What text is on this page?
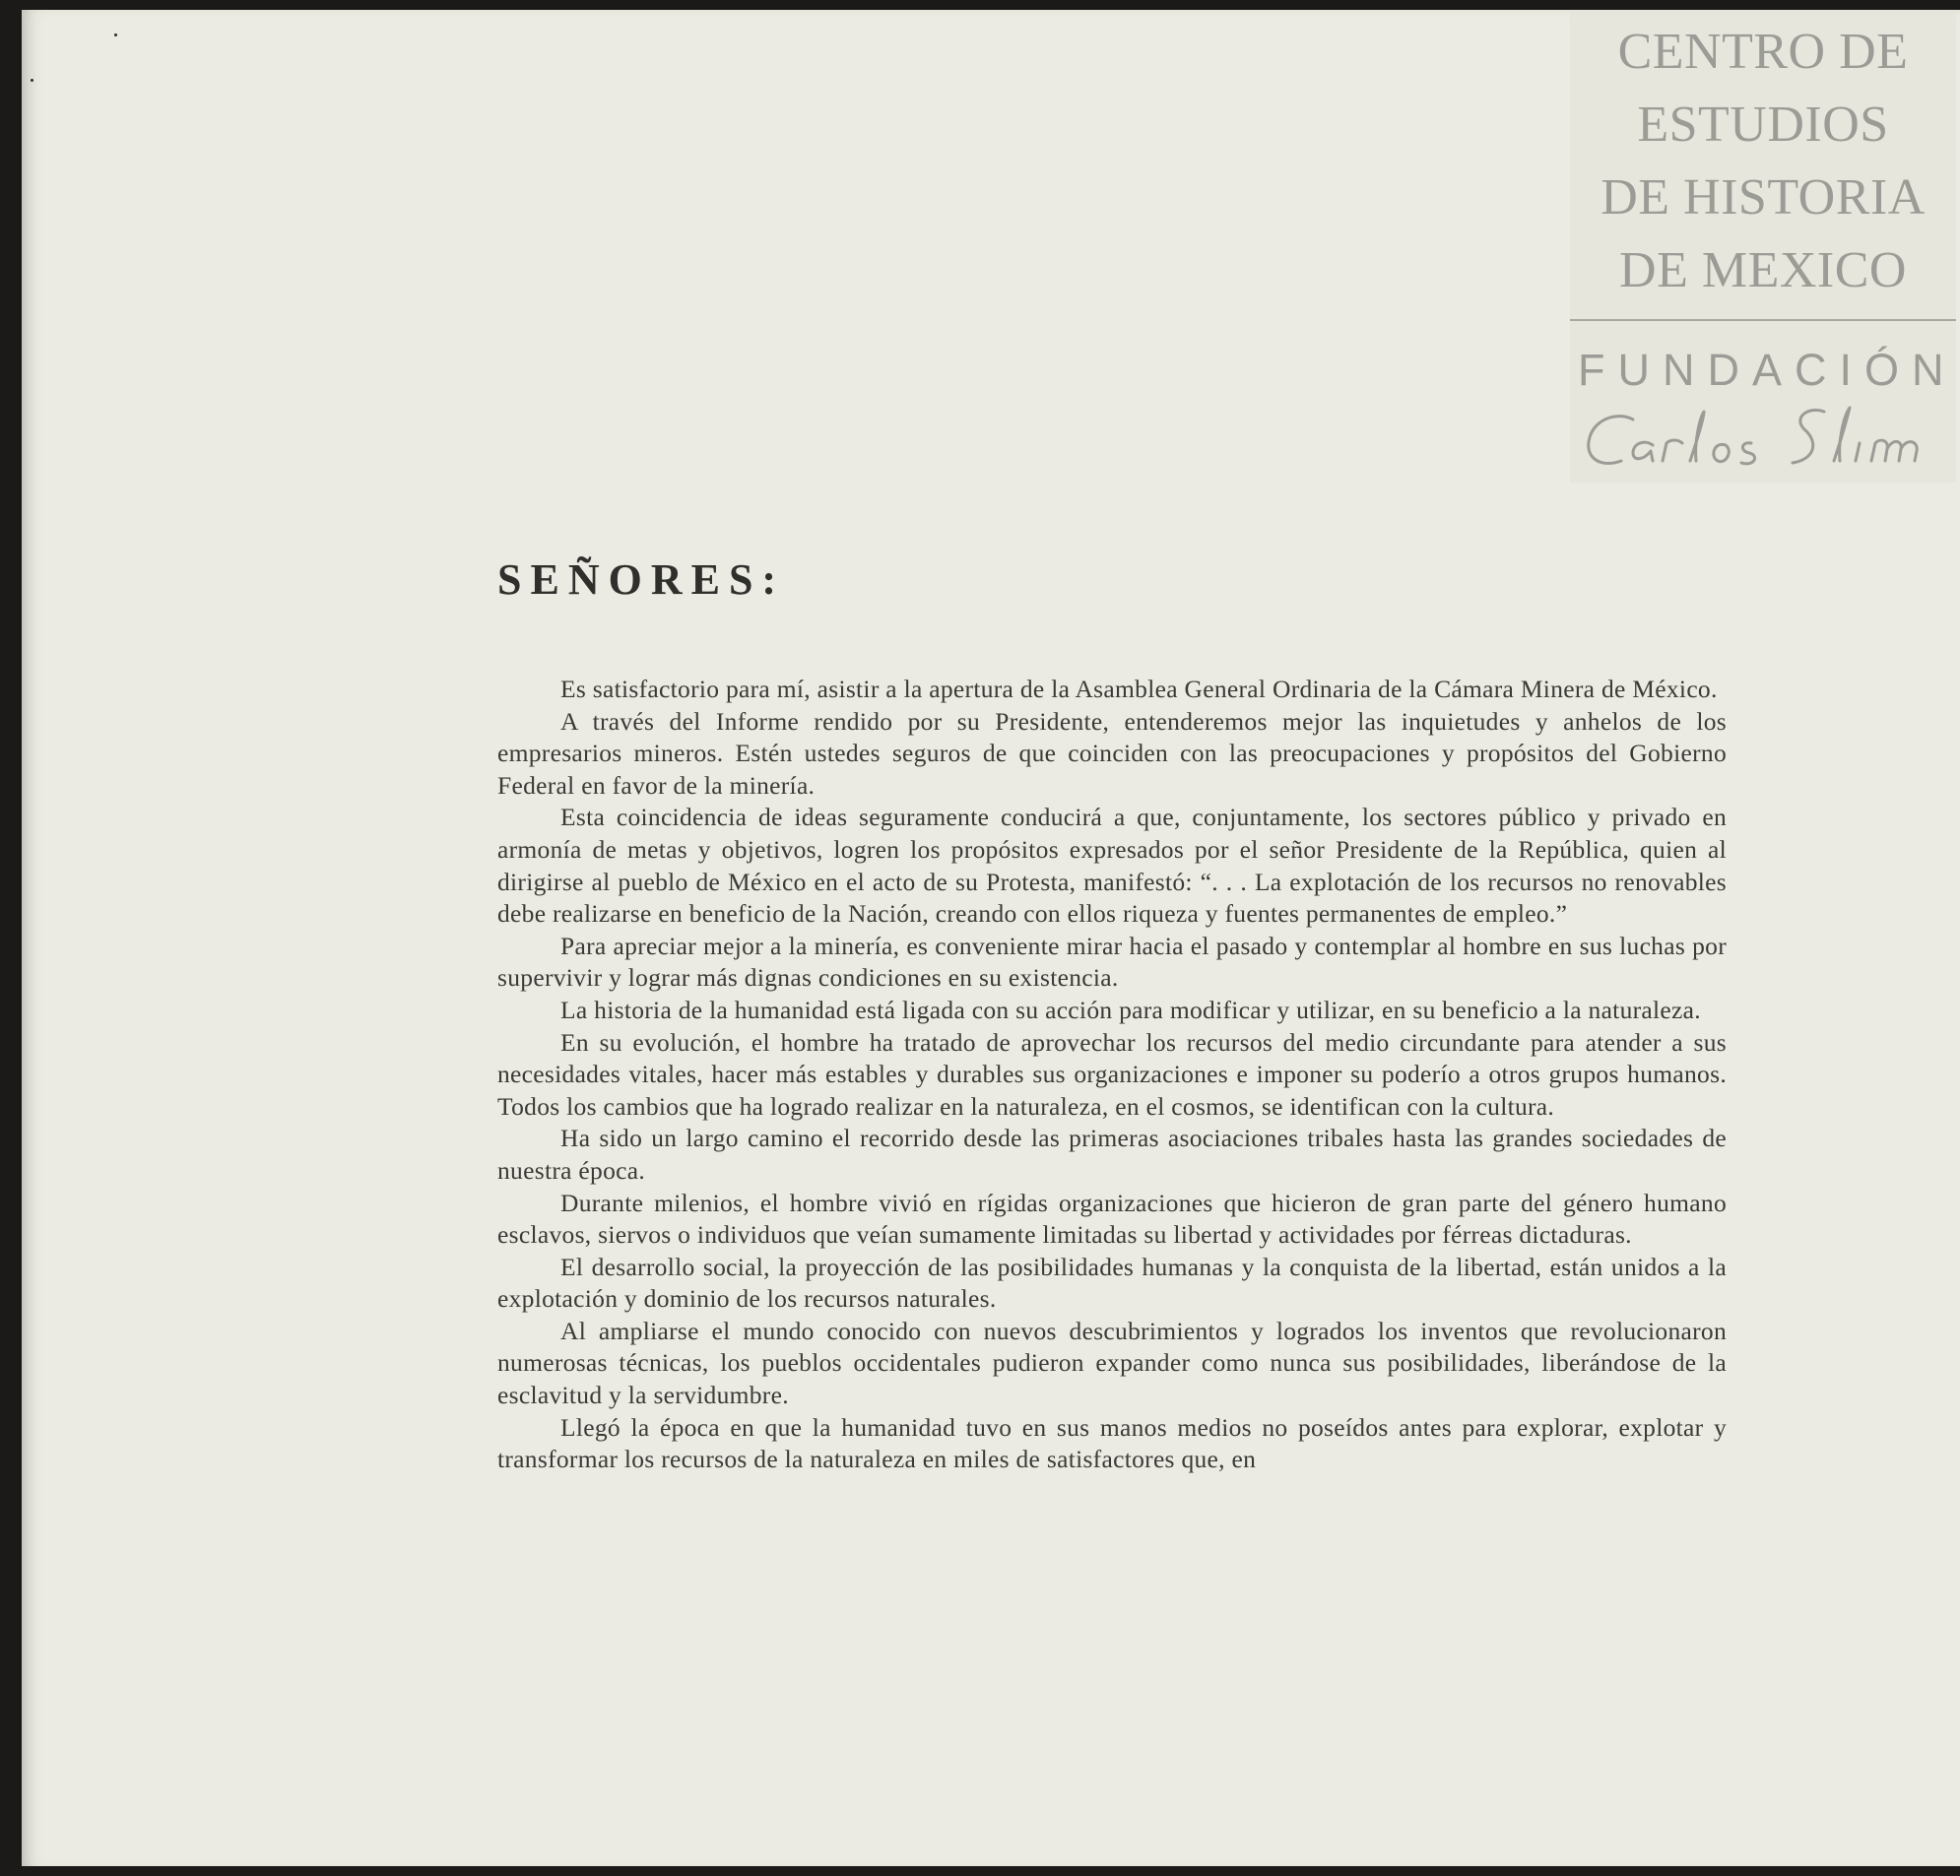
SEÑORES:

Es satisfactorio para mí, asistir a la apertura de la Asamblea General Ordinaria de la Cámara Minera de México.

A través del Informe rendido por su Presidente, entenderemos mejor las inquietudes y anhelos de los empresarios mineros. Estén ustedes seguros de que coinciden con las preocupaciones y propósitos del Gobierno Federal en favor de la minería.

Esta coincidencia de ideas seguramente conducirá a que, conjuntamente, los sectores público y privado en armonía de metas y objetivos, logren los propósitos expresados por el señor Presidente de la República, quien al dirigirse al pueblo de México en el acto de su Protesta, manifestó: “. . . La explotación de los recursos no renovables debe realizarse en beneficio de la Nación, creando con ellos riqueza y fuentes permanentes de empleo.”

Para apreciar mejor a la minería, es conveniente mirar hacia el pasado y contemplar al hombre en sus luchas por supervivir y lograr más dignas condiciones en su existencia.

La historia de la humanidad está ligada con su acción para modificar y utilizar, en su beneficio a la naturaleza.

En su evolución, el hombre ha tratado de aprovechar los recursos del medio circundante para atender a sus necesidades vitales, hacer más estables y durables sus organizaciones e imponer su poderío a otros grupos humanos. Todos los cambios que ha logrado realizar en la naturaleza, en el cosmos, se identifican con la cultura.

Ha sido un largo camino el recorrido desde las primeras asociaciones tribales hasta las grandes sociedades de nuestra época.

Durante milenios, el hombre vivió en rígidas organizaciones que hicieron de gran parte del género humano esclavos, siervos o individuos que veían sumamente limitadas su libertad y actividades por férreas dictaduras.

El desarrollo social, la proyección de las posibilidades humanas y la conquista de la libertad, están unidos a la explotación y dominio de los recursos naturales.

Al ampliarse el mundo conocido con nuevos descubrimientos y logrados los inventos que revolucionaron numerosas técnicas, los pueblos occidentales pudieron expander como nunca sus posibilidades, liberándose de la esclavitud y la servidumbre.

Llegó la época en que la humanidad tuvo en sus manos medios no poseídos antes para explorar, explotar y transformar los recursos de la naturaleza en miles de satisfactores que, en

CENTRO DE
ESTUDIOS
DE HISTORIA
DE MEXICO
FUNDACIÓN
